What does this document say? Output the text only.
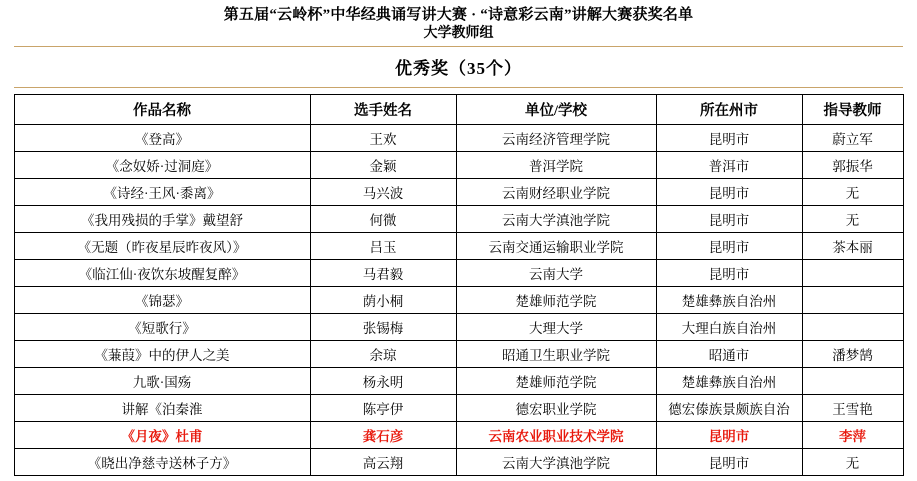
第五届“云岭杯”中华经典诵写讲大赛 · “诗意彩云南”讲解大赛获奖名单
大学教师组
优秀奖（35个）
作品名称	选手姓名	单位/学校	所在州市	指导教师
《登高》	王欢	云南经济管理学院	昆明市	蔚立军
《念奴娇·过洞庭》	金颖	普洱学院	普洱市	郭振华
《诗经·王风·黍离》	马兴波	云南财经职业学院	昆明市	无
《我用残损的手掌》戴望舒	何微	云南大学滇池学院	昆明市	无
《无题（昨夜星辰昨夜风）》	吕玉	云南交通运输职业学院	昆明市	茶本丽
《临江仙·夜饮东坡醒复醉》	马君毅	云南大学	昆明市	
《锦瑟》	荫小桐	楚雄师范学院	楚雄彝族自治州	
《短歌行》	张锡梅	大理大学	大理白族自治州	
《蒹葭》中的伊人之美	余琼	昭通卫生职业学院	昭通市	潘梦鹄
九歌·国殇	杨永明	楚雄师范学院	楚雄彝族自治州	
讲解《泊秦淮	陈亭伊	德宏职业学院	德宏傣族景颇族自治	王雪艳
《月夜》杜甫	龚石彦	云南农业职业技术学院	昆明市	李萍
《晓出净慈寺送林子方》	高云翔	云南大学滇池学院	昆明市	无
